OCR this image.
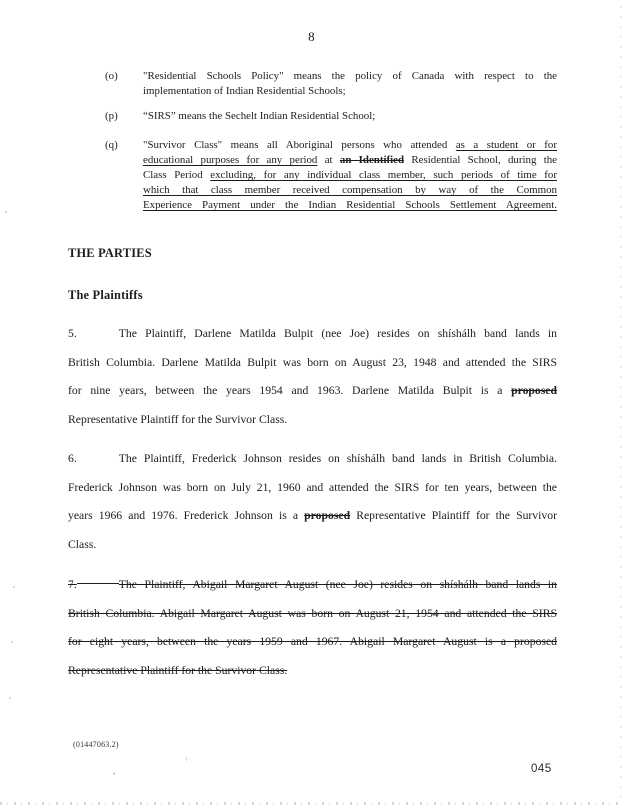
8
(o) "Residential Schools Policy" means the policy of Canada with respect to the
implementation of Indian Residential Schools;
(p) “SIRS” means the Sechelt Indian Residential School;
(q) "Survivor Class" means all Aboriginal persons who attended as a student or for
educational purposes for any period at an Identified Residential School, during the
Class Period excluding, for any individual class member, such periods of time for
which that class member received compensation by way of the Common
Experience Payment under the Indian Residential Schools Settlement Agreement.
THE PARTIES
The Plaintiffs
5.	The Plaintiff, Darlene Matilda Bulpit (nee Joe) resides on shíshálh band lands in
British Columbia. Darlene Matilda Bulpit was born on August 23, 1948 and attended the SIRS
for nine years, between the years 1954 and 1963. Darlene Matilda Bulpit is a proposed
Representative Plaintiff for the Survivor Class.
6.	The Plaintiff, Frederick Johnson resides on shíshálh band lands in British Columbia.
Frederick Johnson was born on July 21, 1960 and attended the SIRS for ten years, between the
years 1966 and 1976. Frederick Johnson is a proposed Representative Plaintiff for the Survivor
Class.
7.	The Plaintiff, Abigail Margaret August (nee Joe) resides on shíshálh band lands in
British Columbia. Abigail Margaret August was born on August 21, 1954 and attended the SIRS
for eight years, between the years 1959 and 1967. Abigail Margaret August is a proposed
Representative Plaintiff for the Survivor Class.
(01447063.2)
045
